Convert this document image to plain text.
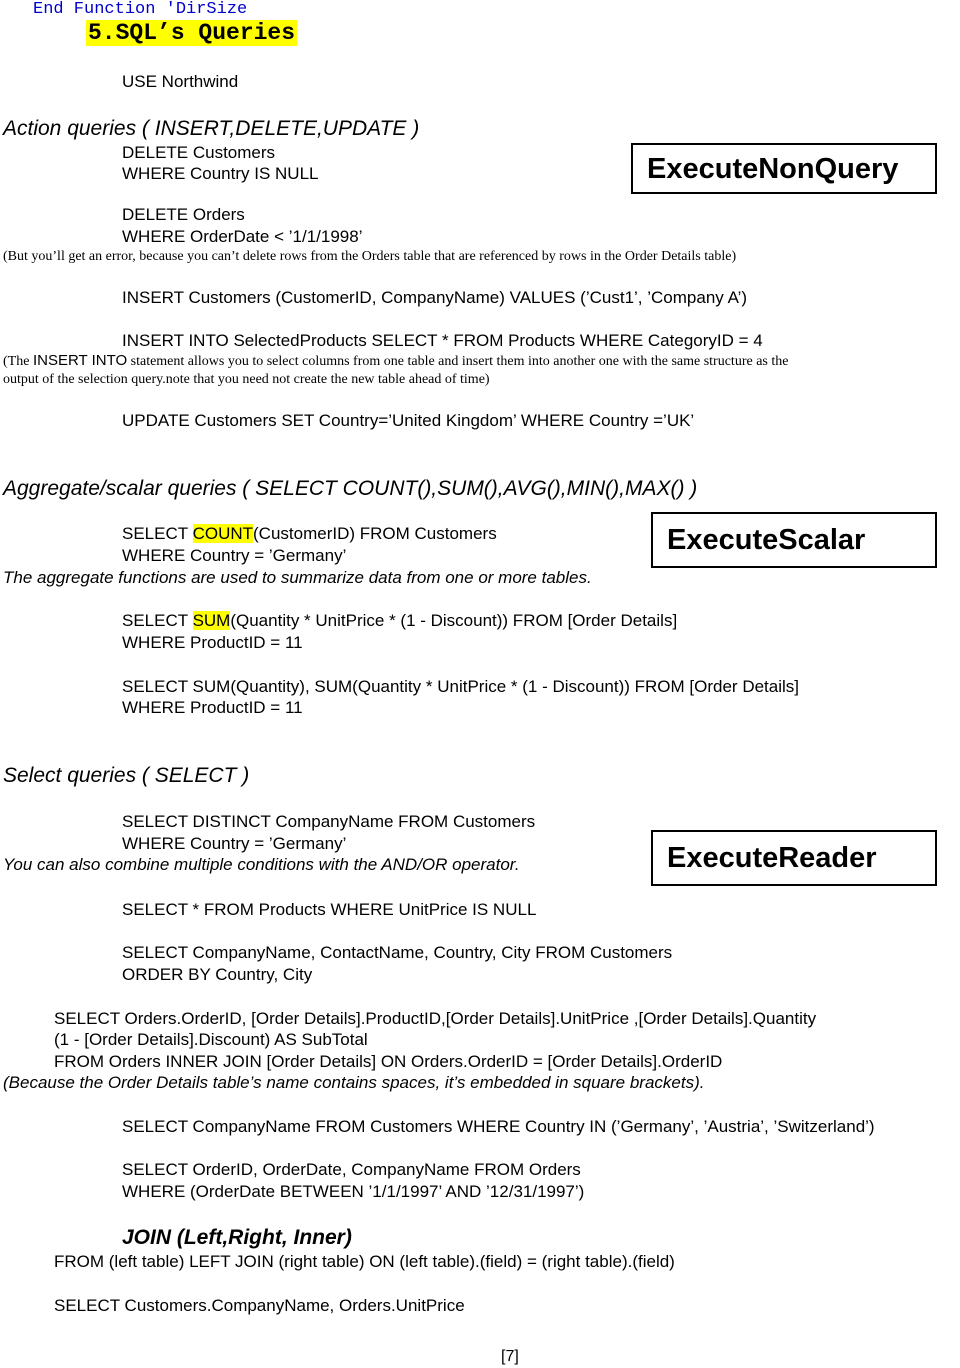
End Function 'DirSize
5.SQL’s Queries
USE Northwind
Action queries ( INSERT,DELETE,UPDATE )
DELETE Customers
WHERE Country IS NULL	ExecuteNonQuery
DELETE Orders
WHERE OrderDate < ’1/1/1998’
(But you’ll get an error, because you can’t delete rows from the Orders table that are referenced by rows in the Order Details table)
INSERT Customers (CustomerID, CompanyName) VALUES (’Cust1’, ’Company A’)
INSERT INTO SelectedProducts SELECT * FROM Products WHERE CategoryID = 4
(The INSERT INTO statement allows you to select columns from one table and insert them into another one with the same structure as the
output of the selection query.note that you need not create the new table ahead of time)
UPDATE Customers SET Country=’United Kingdom’ WHERE Country =’UK’
Aggregate/scalar queries ( SELECT COUNT(),SUM(),AVG(),MIN(),MAX() )
SELECT COUNT(CustomerID) FROM Customers
WHERE Country = ’Germany’	ExecuteScalar
The aggregate functions are used to summarize data from one or more tables.
SELECT SUM(Quantity * UnitPrice * (1 - Discount)) FROM [Order Details]
WHERE ProductID = 11
SELECT SUM(Quantity), SUM(Quantity * UnitPrice * (1 - Discount)) FROM [Order Details]
WHERE ProductID = 11
Select queries ( SELECT )
SELECT DISTINCT CompanyName FROM Customers
WHERE Country = ’Germany’
You can also combine multiple conditions with the AND/OR operator.	ExecuteReader
SELECT * FROM Products WHERE UnitPrice IS NULL
SELECT CompanyName, ContactName, Country, City FROM Customers
ORDER BY Country, City
SELECT Orders.OrderID, [Order Details].ProductID,[Order Details].UnitPrice ,[Order Details].Quantity
(1 - [Order Details].Discount) AS SubTotal
FROM Orders INNER JOIN [Order Details] ON Orders.OrderID = [Order Details].OrderID
(Because the Order Details table’s name contains spaces, it’s embedded in square brackets).
SELECT CompanyName FROM Customers WHERE Country IN (’Germany’, ’Austria’, ’Switzerland’)
SELECT OrderID, OrderDate, CompanyName FROM Orders
WHERE (OrderDate BETWEEN ’1/1/1997’ AND ’12/31/1997’)
JOIN (Left,Right, Inner)
FROM (left table) LEFT JOIN (right table) ON (left table).(field) = (right table).(field)
SELECT Customers.CompanyName, Orders.UnitPrice
[7]
